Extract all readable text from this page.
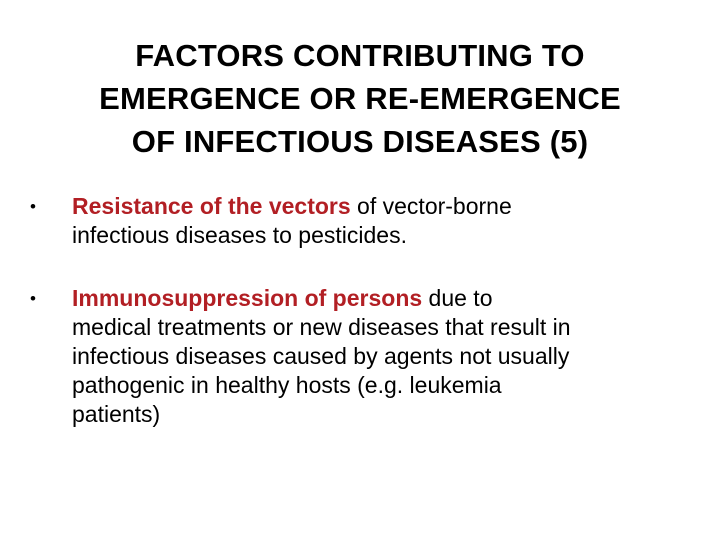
FACTORS CONTRIBUTING TO
EMERGENCE OR RE-EMERGENCE
OF INFECTIOUS DISEASES (5)
•	Resistance of the vectors of vector-borne
infectious diseases to pesticides.
•	Immunosuppression of persons due to
medical treatments or new diseases that result in
infectious diseases caused by agents not usually
pathogenic in healthy hosts (e.g. leukemia
patients)
